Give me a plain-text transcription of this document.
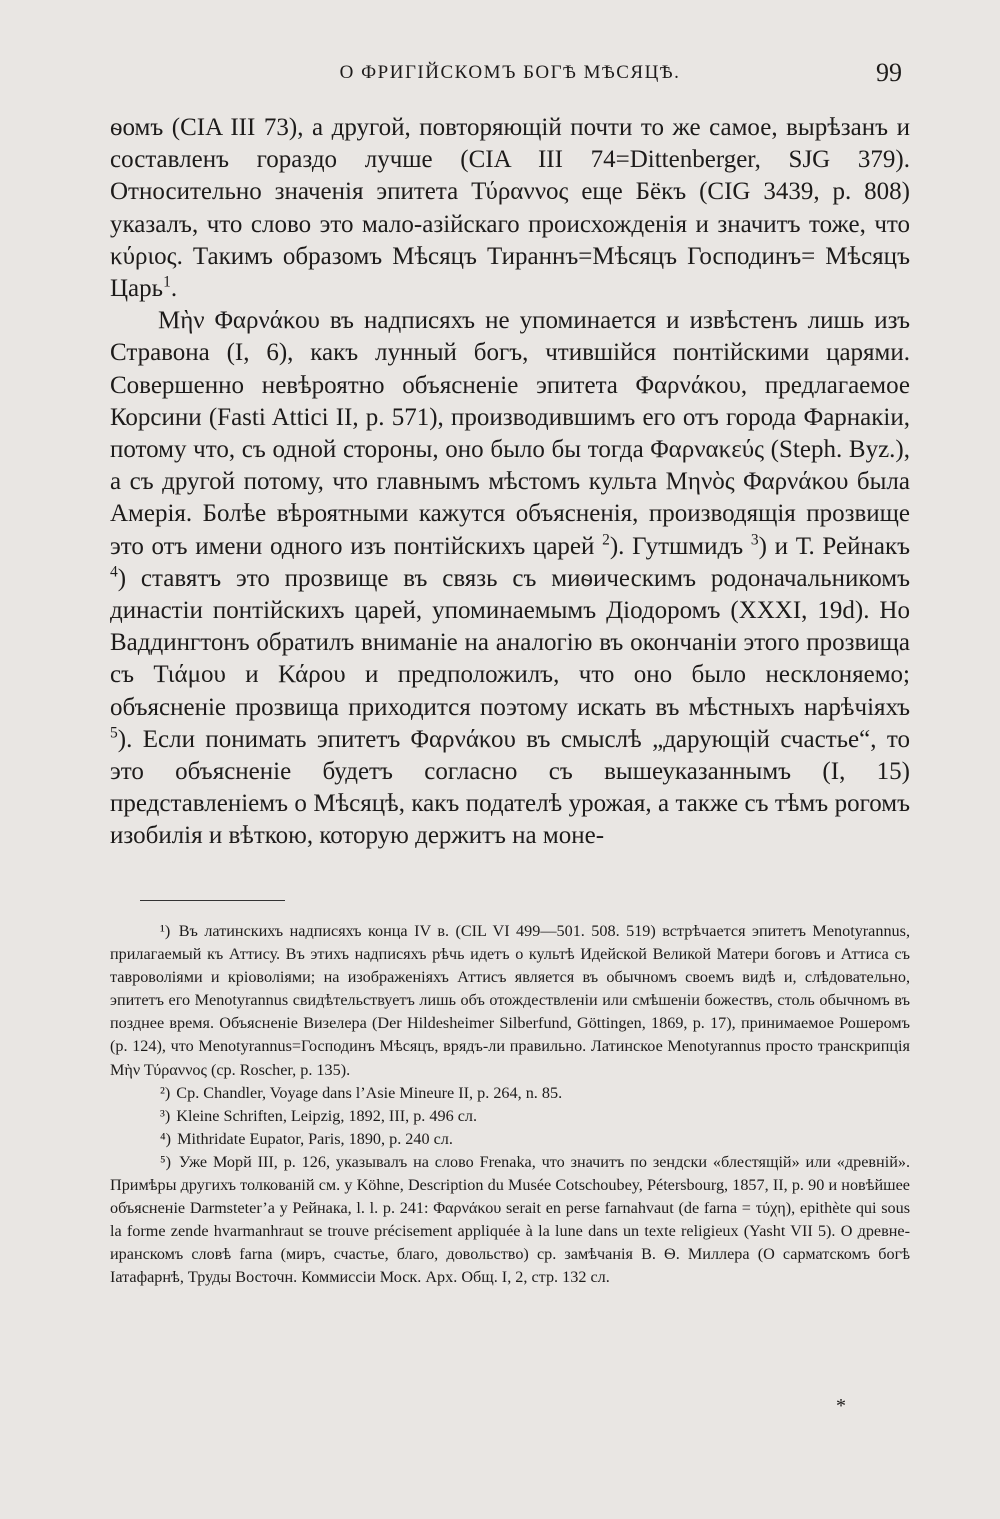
О ФРИГІЙСКОМЪ БОГѢ МѢСЯЦѢ.	99

ѳомъ (CIA III 73), а другой, повторяющій почти то же самое, вырѣзанъ и составленъ гораздо лучше (CIA III 74=Dittenberger, SJG 379). Относительно значенія эпитета Τύραννος еще Бёкъ (CIG 3439, p. 808) указалъ, что слово это мало-азійскаго происхожденія и значитъ тоже, что κύριος. Такимъ образомъ Мѣсяцъ Тираннъ=Мѣсяцъ Господинъ= Мѣсяцъ Царь$^1$.

Μὴν Φαρνάκου въ надписяхъ не упоминается и извѣстенъ лишь изъ Стравона (I, 6), какъ лунный богъ, чтившійся понтійскими царями. Совершенно невѣроятно объясненіе эпитета Φαρνάκου, предлагаемое Корсини (Fasti Attici II, p. 571), производившимъ его отъ города Фарнакіи, потому что, съ одной стороны, оно было бы тогда Φαρνακεύς (Steph. Byz.), а съ другой потому, что главнымъ мѣстомъ культа Μηνὸς Φαρνάκου была Амерія. Болѣе вѣроятными кажутся объясненія, производящія прозвище это отъ имени одного изъ понтійскихъ царей $^2$). Гутшмидъ $^3$) и Т. Рейнакъ $^4$) ставятъ это прозвище въ связь съ миѳическимъ родоначальникомъ династіи понтійскихъ царей, упоминаемымъ Діодоромъ (XXXI, 19d). Но Ваддингтонъ обратилъ вниманіе на аналогію въ окончаніи этого прозвища съ Τιάμου и Κάρου и предположилъ, что оно было несклоняемо; объясненіе прозвища приходится поэтому искать въ мѣстныхъ нарѣчіяхъ $^5$). Если понимать эпитетъ Φαρνάκου въ смыслѣ „дарующій счастье“, то это объясненіе будетъ согласно съ вышеуказаннымъ (I, 15) представленіемъ о Мѣсяцѣ, какъ подателѣ урожая, а также съ тѣмъ рогомъ изобилія и вѣткою, которую держитъ на моне-

¹) Въ латинскихъ надписяхъ конца IV в. (CIL VI 499—501. 508. 519) встрѣчается эпитетъ Menotyrannus, прилагаемый къ Аттису. Въ этихъ надписяхъ рѣчь идетъ о культѣ Идейской Великой Матери боговъ и Аттиса съ тавроволіями и кріоволіями; на изображеніяхъ Аттисъ является въ обычномъ своемъ видѣ и, слѣдовательно, эпитетъ его Menotyrannus свидѣтельствуетъ лишь объ отождествленіи или смѣшеніи божествъ, столь обычномъ въ позднее время. Объясненіе Визелера (Der Hildesheimer Silberfund, Göttingen, 1869, p. 17), принимаемое Рошеромъ (p. 124), что Menotyrannus=Господинъ Мѣсяцъ, врядъ-ли правильно. Латинское Menotyrannus просто транскрипція Μὴν Τύραννος (ср. Roscher, p. 135).

²) Ср. Chandler, Voyage dans l’Asie Mineure II, p. 264, n. 85.

³) Kleine Schriften, Leipzig, 1892, III, p. 496 сл.

⁴) Mithridate Eupator, Paris, 1890, p. 240 сл.

⁵) Уже Морй III, p. 126, указывалъ на слово Frenaka, что значитъ по зендски «блестящій» или «древній». Примѣры другихъ толкованій см. у Köhne, Description du Musée Cotschoubey, Pétersbourg, 1857, II, p. 90 и новѣйшее объясненіе Darmsteter’a у Рейнака, l. l. p. 241: Φαρνάκου serait en perse farnahvaut (de farna = τύχη), epithète qui sous la forme zende hvarmanhraut se trouve précisement appliquée à la lune dans un texte religieux (Yasht VII 5). О древне-иранскомъ словѣ farna (миръ, счастье, благо, довольство) ср. замѣчанія В. Ѳ. Миллера (О сарматскомъ богѣ Іатафарнѣ, Труды Восточн. Коммиссіи Моск. Арх. Общ. I, 2, стр. 132 сл.

*
